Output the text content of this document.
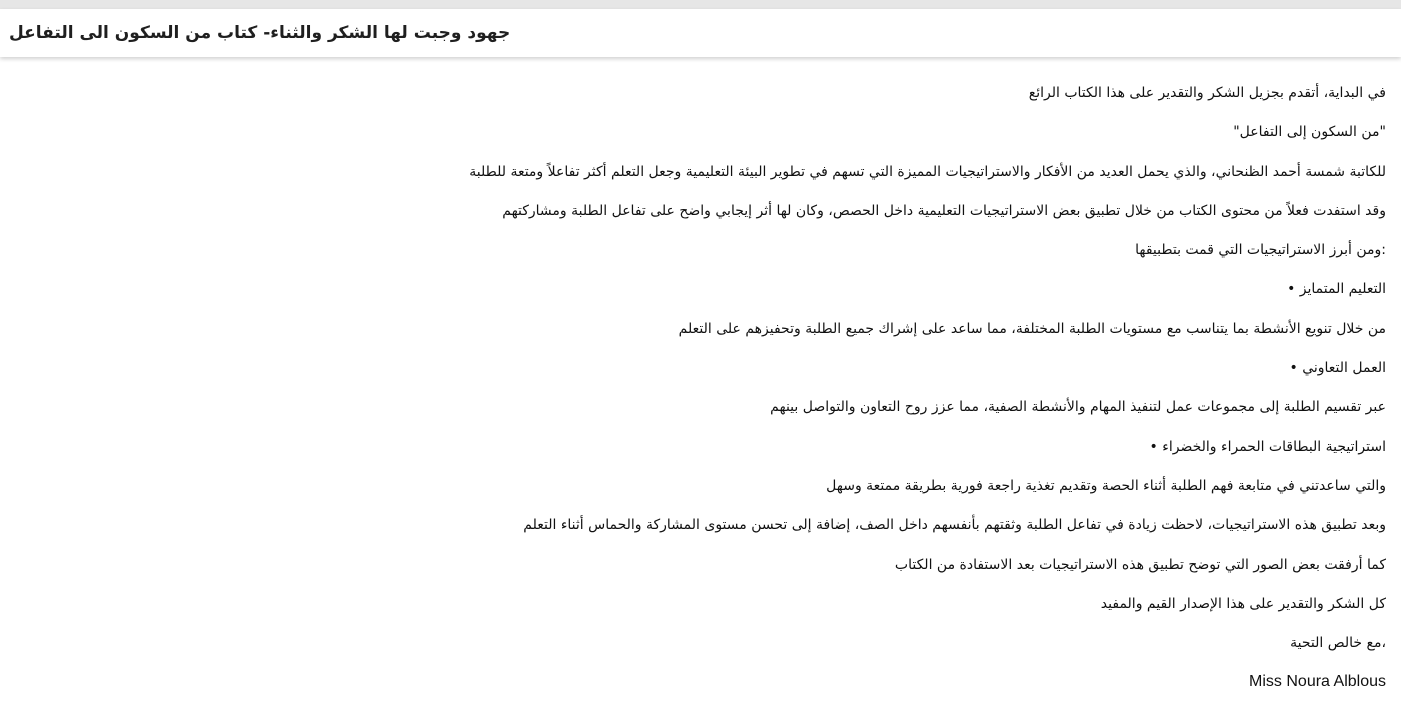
جهود وجبت لها الشكر والثناء- كتاب من السكون الى التفاعل
في البداية، أتقدم بجزيل الشكر والتقدير على هذا الكتاب الرائع
"من السكون إلى التفاعل"
للكاتبة شمسة أحمد الظنحاني، والذي يحمل العديد من الأفكار والاستراتيجيات المميزة التي تسهم في تطوير البيئة التعليمية وجعل التعلم أكثر تفاعلاً ومتعة للطلبة
وقد استفدت فعلاً من محتوى الكتاب من خلال تطبيق بعض الاستراتيجيات التعليمية داخل الحصص، وكان لها أثر إيجابي واضح على تفاعل الطلبة ومشاركتهم
:ومن أبرز الاستراتيجيات التي قمت بتطبيقها
التعليم المتمايز •
من خلال تنويع الأنشطة بما يتناسب مع مستويات الطلبة المختلفة، مما ساعد على إشراك جميع الطلبة وتحفيزهم على التعلم
العمل التعاوني •
عبر تقسيم الطلبة إلى مجموعات عمل لتنفيذ المهام والأنشطة الصفية، مما عزز روح التعاون والتواصل بينهم
استراتيجية البطاقات الحمراء والخضراء •
والتي ساعدتني في متابعة فهم الطلبة أثناء الحصة وتقديم تغذية راجعة فورية بطريقة ممتعة وسهل
وبعد تطبيق هذه الاستراتيجيات، لاحظت زيادة في تفاعل الطلبة وثقتهم بأنفسهم داخل الصف، إضافة إلى تحسن مستوى المشاركة والحماس أثناء التعلم
كما أرفقت بعض الصور التي توضح تطبيق هذه الاستراتيجيات بعد الاستفادة من الكتاب
كل الشكر والتقدير على هذا الإصدار القيم والمفيد
،مع خالص التحية
Miss Noura Alblous
